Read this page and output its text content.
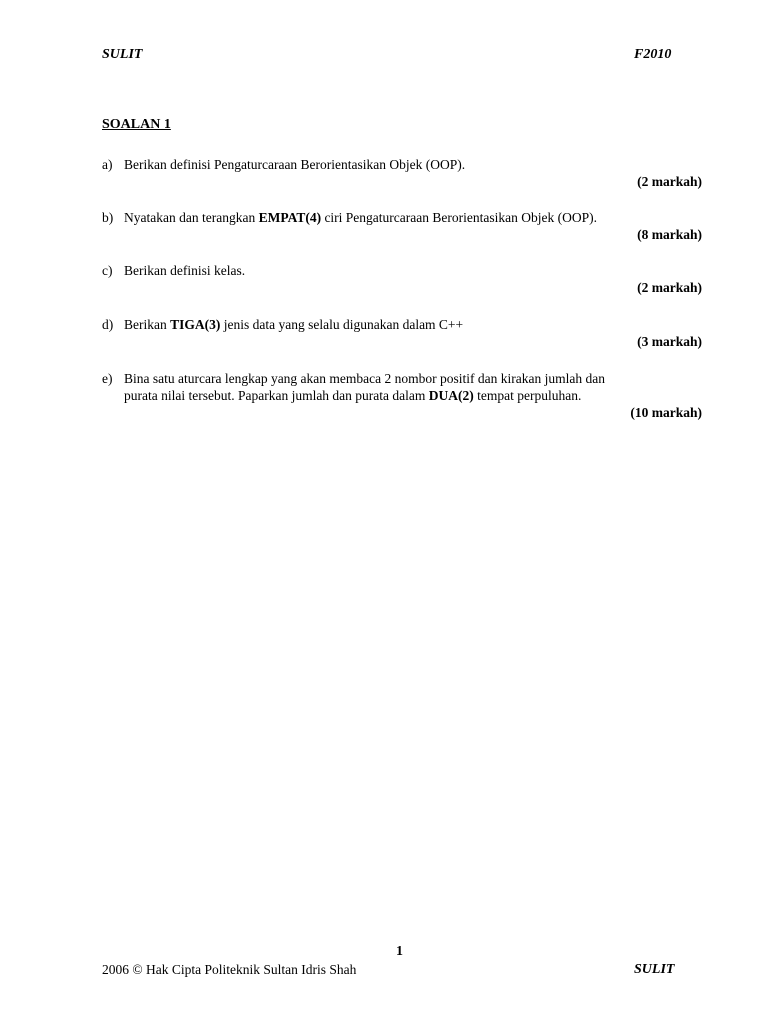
SULIT	F2010
SOALAN 1
a) Berikan definisi Pengaturcaraan Berorientasikan Objek (OOP).
(2 markah)
b) Nyatakan dan terangkan EMPAT(4) ciri Pengaturcaraan Berorientasikan Objek (OOP).
(8 markah)
c) Berikan definisi kelas.
(2 markah)
d) Berikan TIGA(3) jenis data yang selalu digunakan dalam C++
(3 markah)
e) Bina satu aturcara lengkap yang akan membaca 2 nombor positif dan kirakan jumlah dan
purata nilai tersebut. Paparkan jumlah dan purata dalam DUA(2) tempat perpuluhan.
(10 markah)
1
2006 © Hak Cipta Politeknik Sultan Idris Shah	SULIT
